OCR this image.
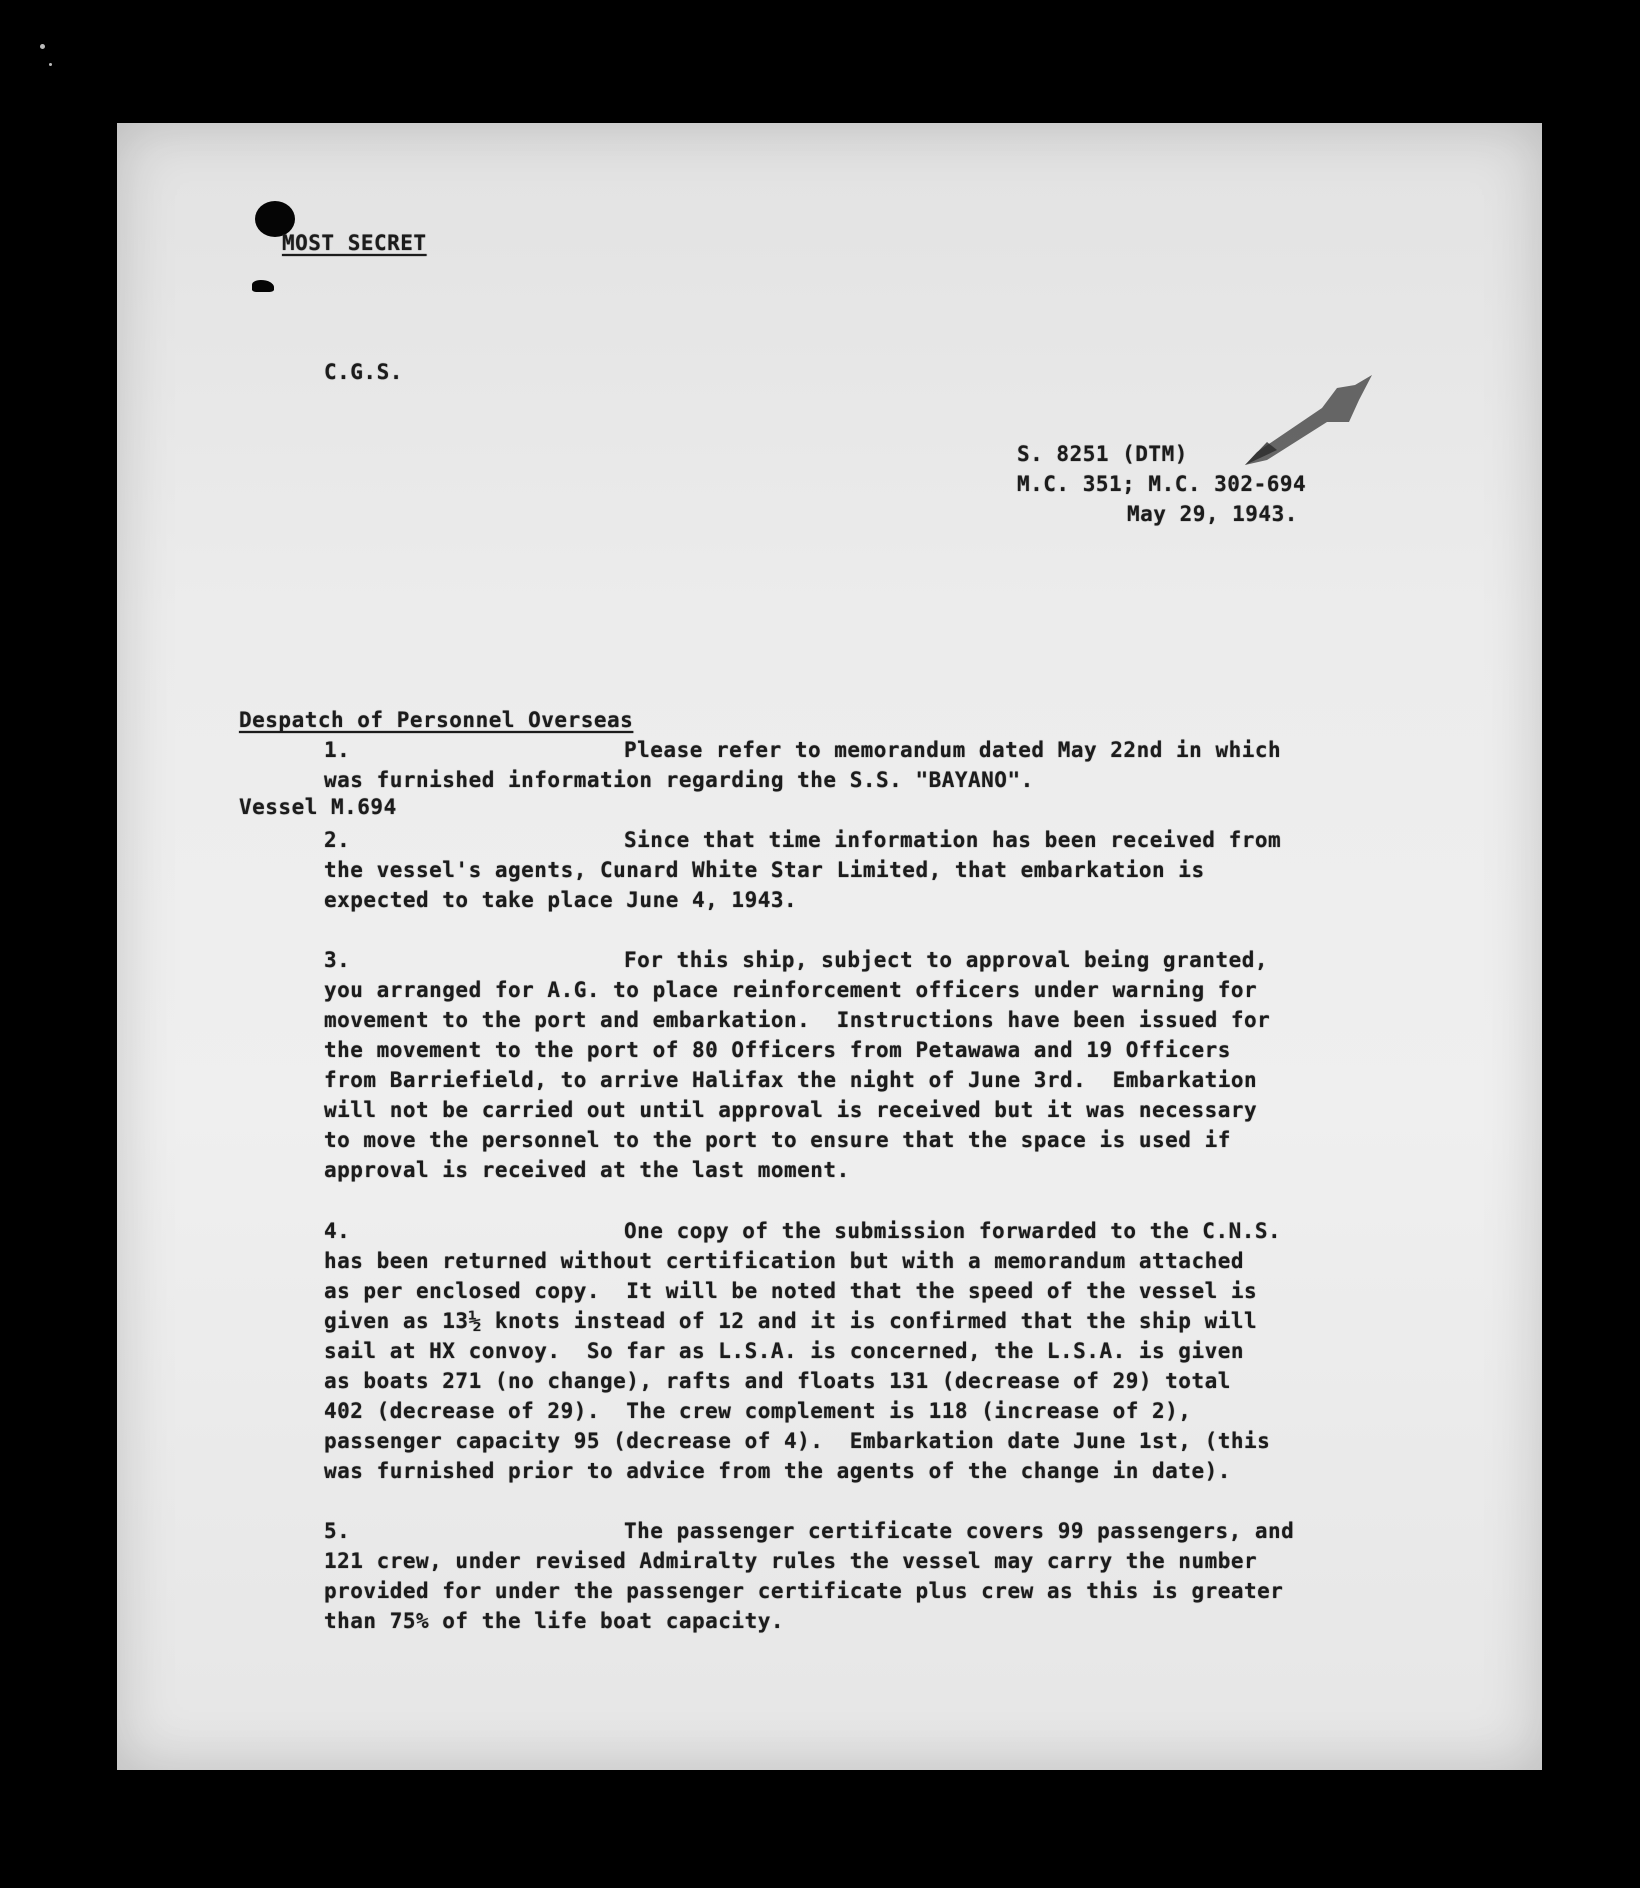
MOST SECRET
C.G.S.
S. 8251 (DTM)
M.C. 351; M.C. 302-694
May 29, 1943.

Despatch of Personnel Overseas

Vessel M.694

1.	Please refer to memorandum dated May 22nd in which
was furnished information regarding the S.S. "BAYANO".
2.	Since that time information has been received from
the vessel's agents, Cunard White Star Limited, that embarkation is
expected to take place June 4, 1943.
3.	For this ship, subject to approval being granted,
you arranged for A.G. to place reinforcement officers under warning for
movement to the port and embarkation.  Instructions have been issued for
the movement to the port of 80 Officers from Petawawa and 19 Officers
from Barriefield, to arrive Halifax the night of June 3rd.  Embarkation
will not be carried out until approval is received but it was necessary
to move the personnel to the port to ensure that the space is used if
approval is received at the last moment.
4.	One copy of the submission forwarded to the C.N.S.
has been returned without certification but with a memorandum attached
as per enclosed copy.  It will be noted that the speed of the vessel is
given as 13½ knots instead of 12 and it is confirmed that the ship will
sail at HX convoy.  So far as L.S.A. is concerned, the L.S.A. is given
as boats 271 (no change), rafts and floats 131 (decrease of 29) total
402 (decrease of 29).  The crew complement is 118 (increase of 2),
passenger capacity 95 (decrease of 4).  Embarkation date June 1st, (this
was furnished prior to advice from the agents of the change in date).
5.	The passenger certificate covers 99 passengers, and
121 crew, under revised Admiralty rules the vessel may carry the number
provided for under the passenger certificate plus crew as this is greater
than 75% of the life boat capacity.
